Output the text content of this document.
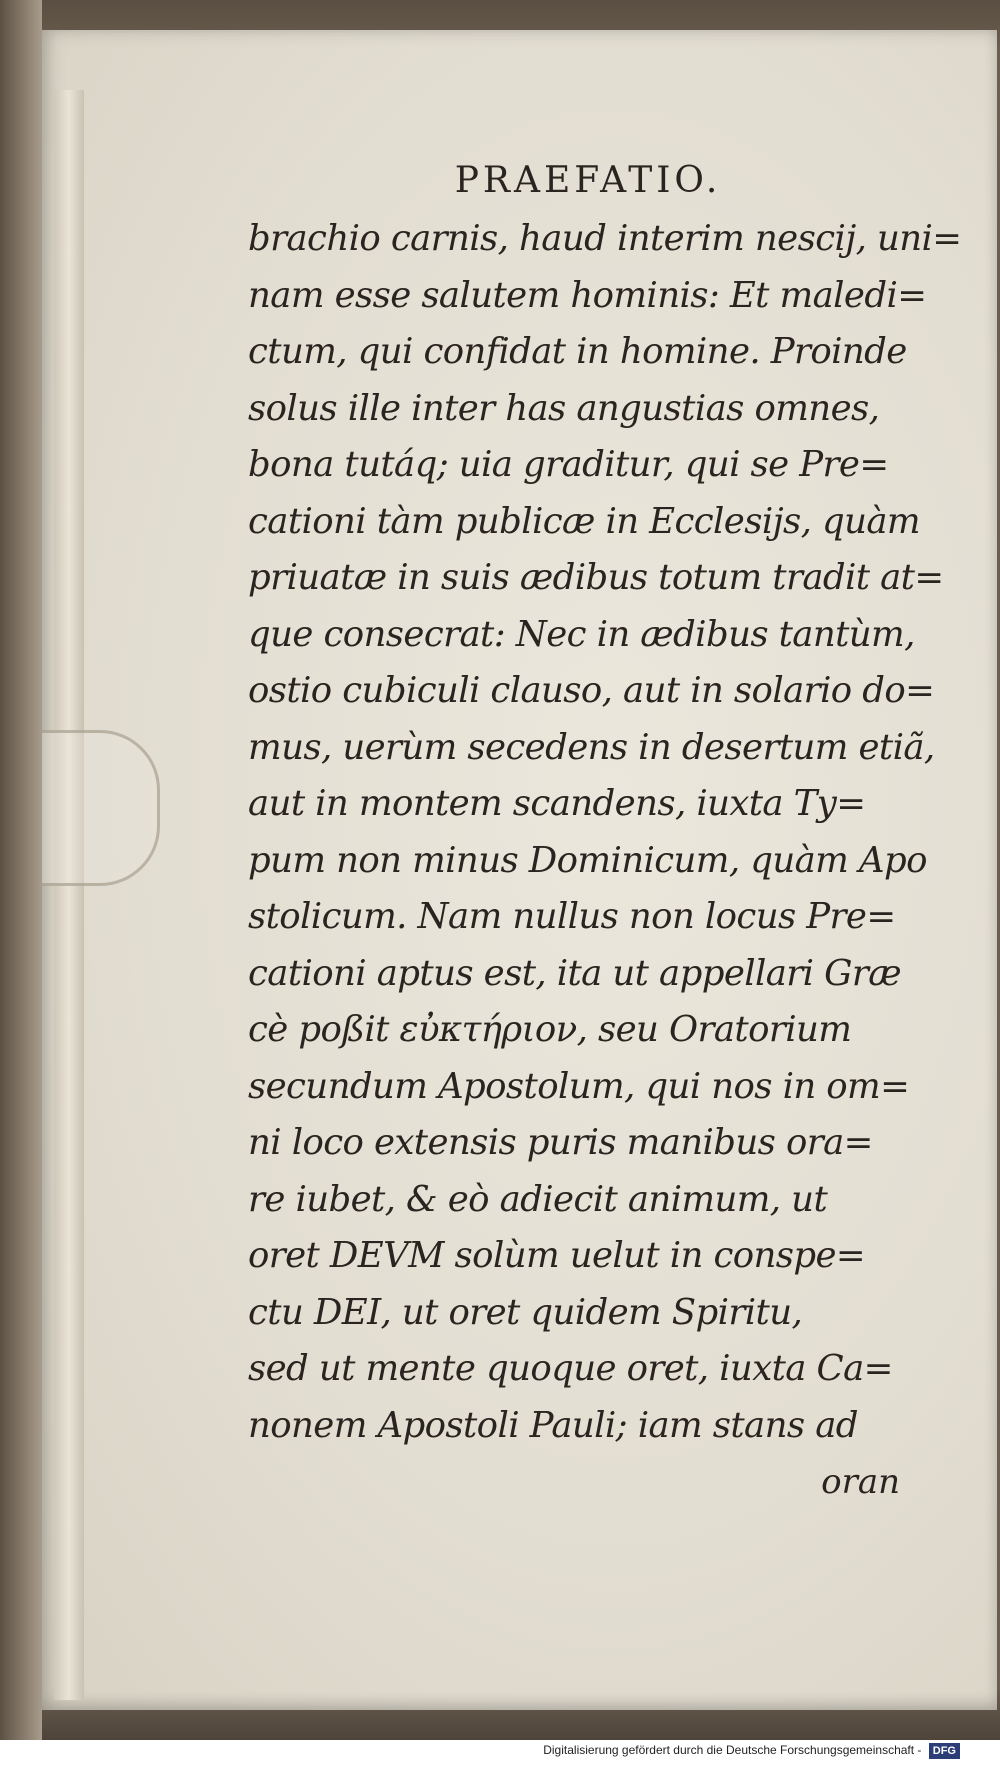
PRAEFATIO.
brachio carnis, haud interim nescij, uni=
nam esse salutem hominis: Et maledi=
ctum, qui confidat in homine. Proinde
solus ille inter has angustias omnes,
bona tutáq; uia graditur, qui se Pre=
cationi tàm publicæ in Ecclesijs, quàm
priuatæ in suis ædibus totum tradit at=
que consecrat: Nec in ædibus tantùm,
ostio cubiculi clauso, aut in solario do=
mus, uerùm secedens in desertum etiã,
aut in montem scandens, iuxta Ty=
pum non minus Dominicum, quàm Apo
stolicum. Nam nullus non locus Pre=
cationi aptus est, ita ut appellari Græ
cè poßit εὐκτήριον, seu Oratorium
secundum Apostolum, qui nos in om=
ni loco extensis puris manibus ora=
re iubet, & eò adiecit animum, ut
oret DEVM solùm uelut in conspe=
ctu DEI, ut oret quidem Spiritu,
sed ut mente quoque oret, iuxta Ca=
nonem Apostoli Pauli; iam stans ad
oran
Digitalisierung gefördert durch die Deutsche Forschungsgemeinschaft - DFG
